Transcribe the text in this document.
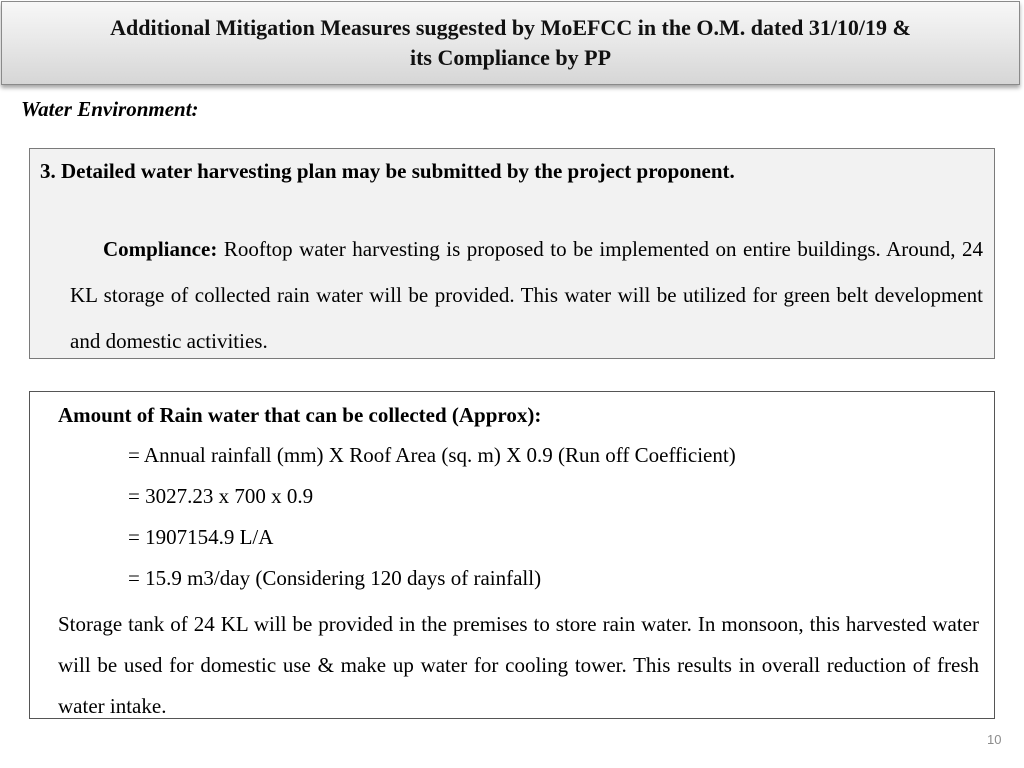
Additional Mitigation Measures suggested by MoEFCC in the O.M. dated 31/10/19 &
its Compliance by PP
Water Environment:
3. Detailed water harvesting plan may be submitted by the project proponent.
Compliance: Rooftop water harvesting is proposed to be implemented on entire buildings. Around, 24 KL storage of collected rain water will be provided. This water will be utilized for green belt development and domestic activities.
Amount of Rain water that can be collected (Approx):
= Annual rainfall (mm) X Roof Area (sq. m) X 0.9 (Run off Coefficient)
= 3027.23 x 700 x 0.9
= 1907154.9 L/A
= 15.9 m3/day (Considering 120 days of rainfall)
Storage tank of 24 KL will be provided in the premises to store rain water. In monsoon, this harvested water will be used for domestic use & make up water for cooling tower. This results in overall reduction of fresh water intake.
10
